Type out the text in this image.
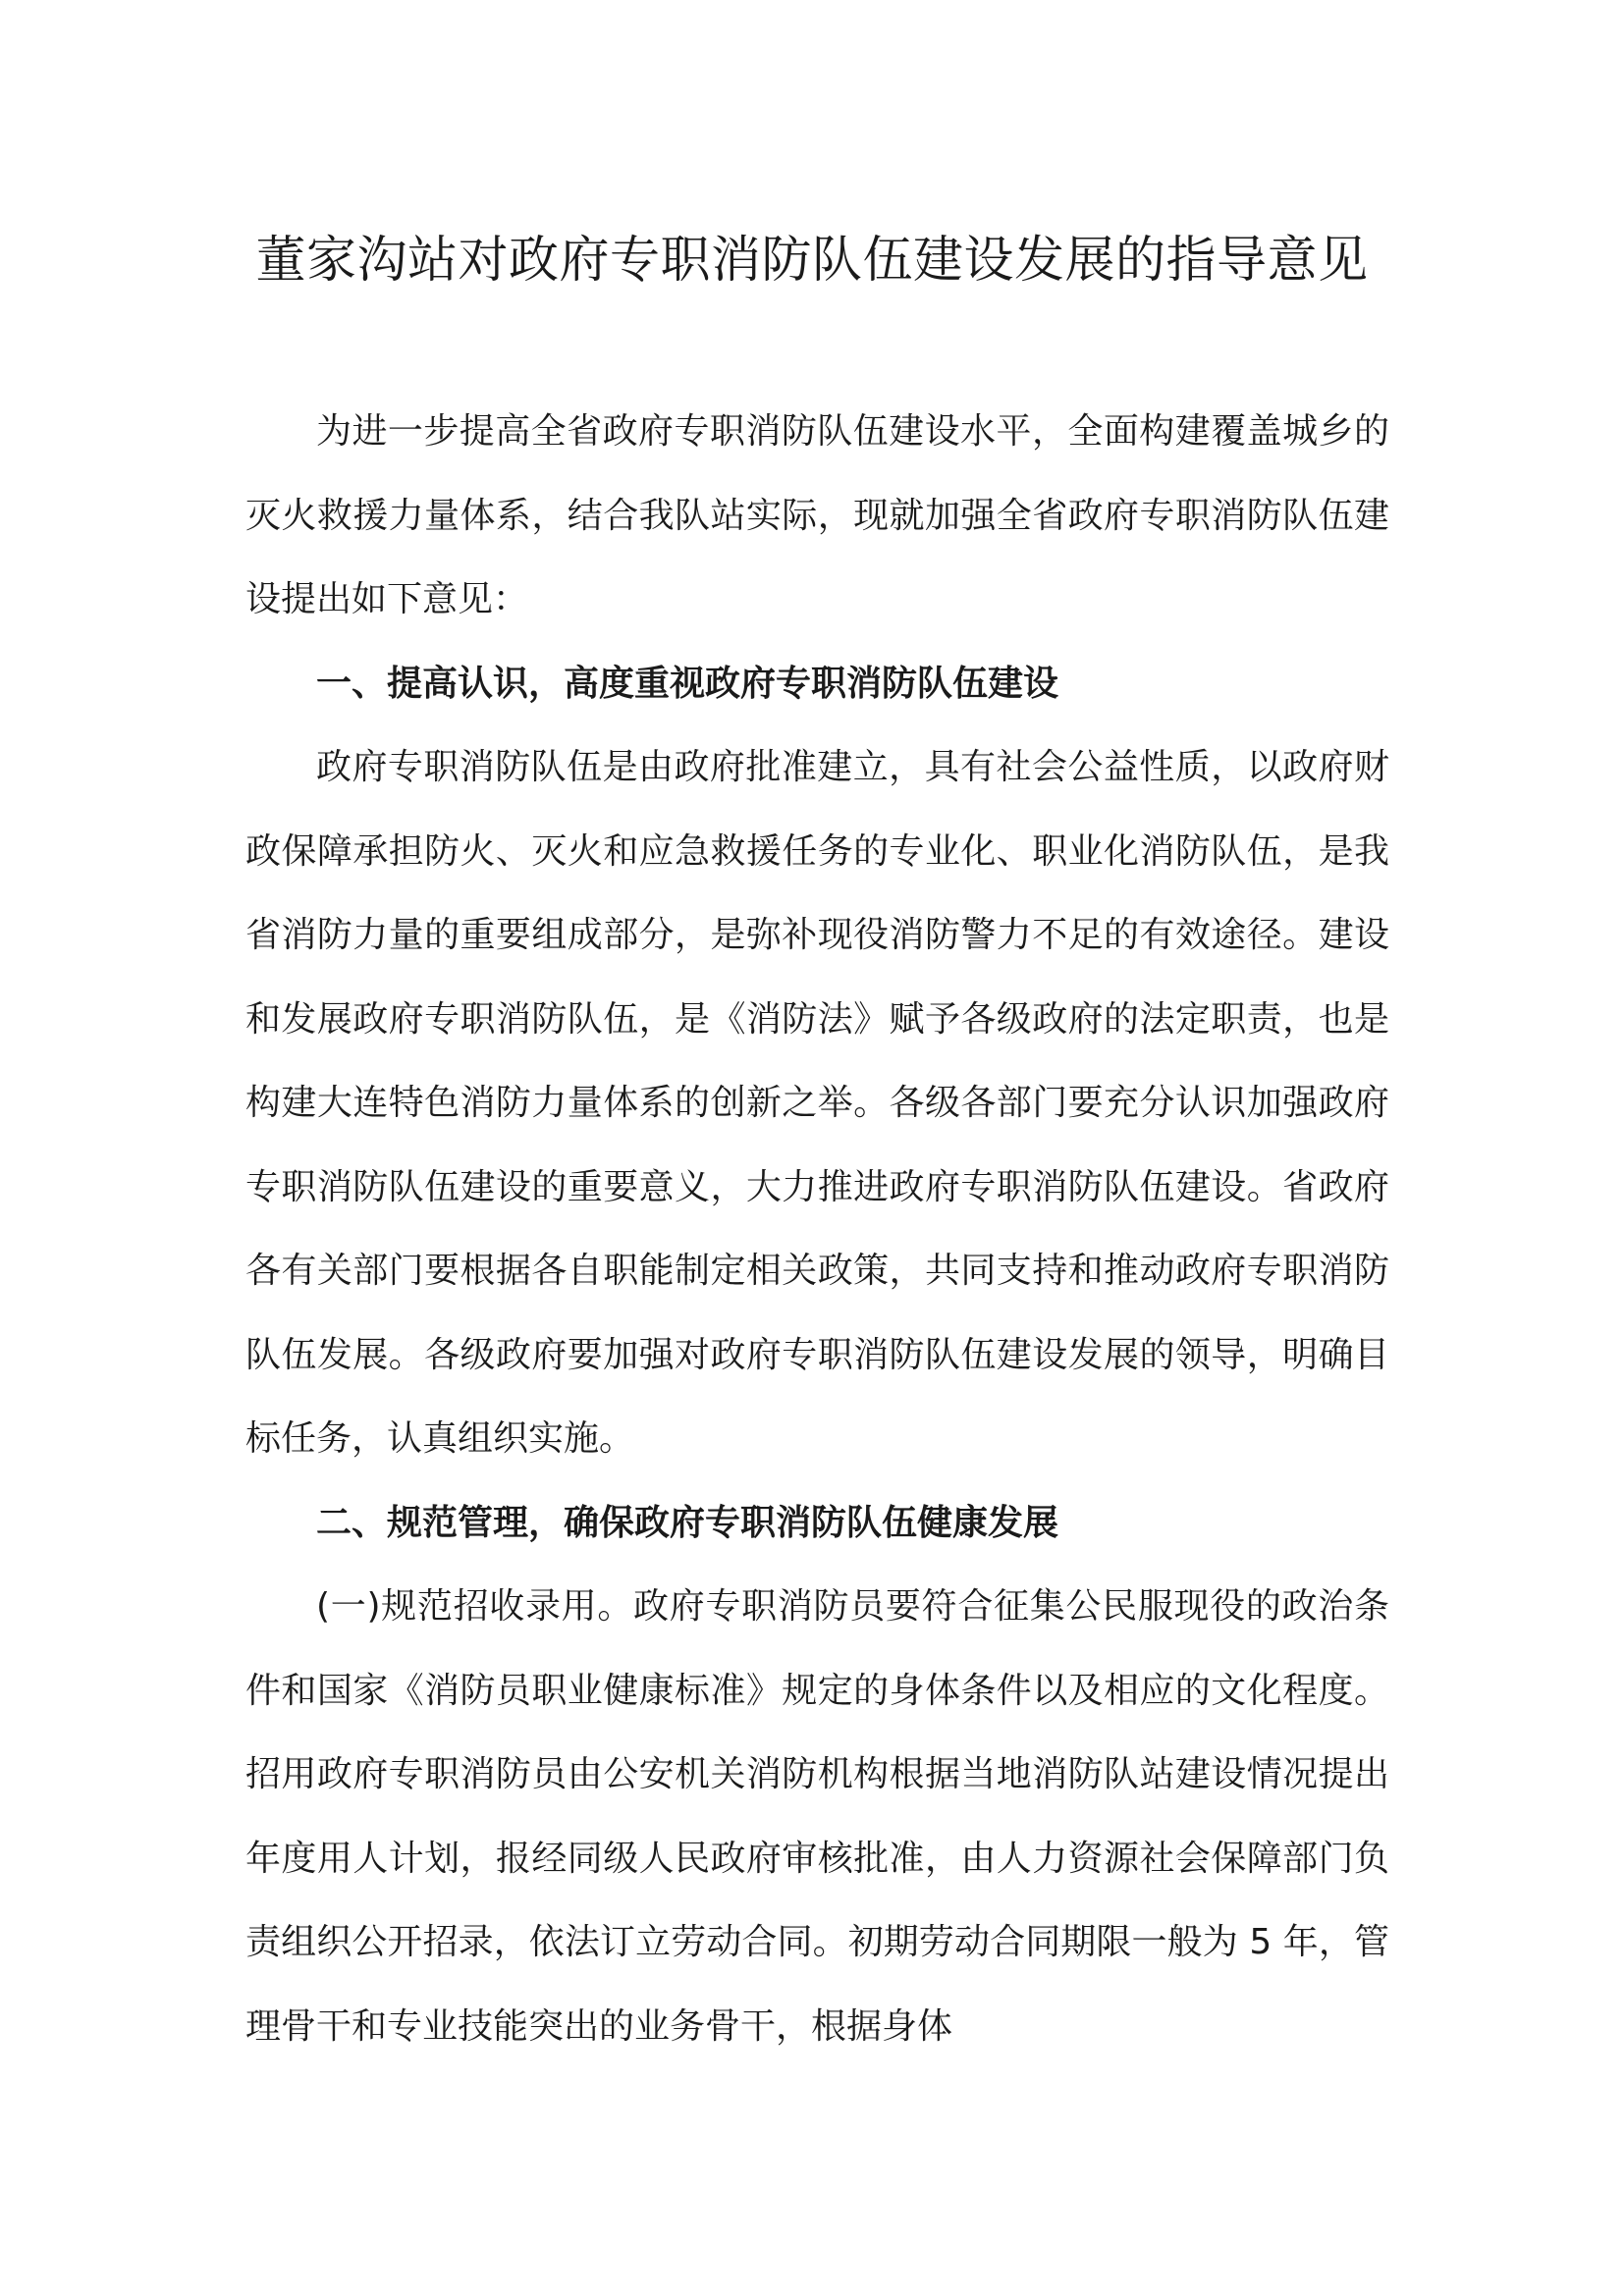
董家沟站对政府专职消防队伍建设发展的指导意见

为进一步提高全省政府专职消防队伍建设水平，全面构建覆盖城乡的灭火救援力量体系，结合我队站实际，现就加强全省政府专职消防队伍建设提出如下意见：

一、提高认识，高度重视政府专职消防队伍建设

政府专职消防队伍是由政府批准建立，具有社会公益性质，以政府财政保障承担防火、灭火和应急救援任务的专业化、职业化消防队伍，是我省消防力量的重要组成部分，是弥补现役消防警力不足的有效途径。建设和发展政府专职消防队伍，是《消防法》赋予各级政府的法定职责，也是构建大连特色消防力量体系的创新之举。各级各部门要充分认识加强政府专职消防队伍建设的重要意义，大力推进政府专职消防队伍建设。省政府各有关部门要根据各自职能制定相关政策，共同支持和推动政府专职消防队伍发展。各级政府要加强对政府专职消防队伍建设发展的领导，明确目标任务，认真组织实施。

二、规范管理，确保政府专职消防队伍健康发展

(一)规范招收录用。政府专职消防员要符合征集公民服现役的政治条件和国家《消防员职业健康标准》规定的身体条件以及相应的文化程度。招用政府专职消防员由公安机关消防机构根据当地消防队站建设情况提出年度用人计划，报经同级人民政府审核批准，由人力资源社会保障部门负责组织公开招录，依法订立劳动合同。初期劳动合同期限一般为 5 年，管理骨干和专业技能突出的业务骨干，根据身体
